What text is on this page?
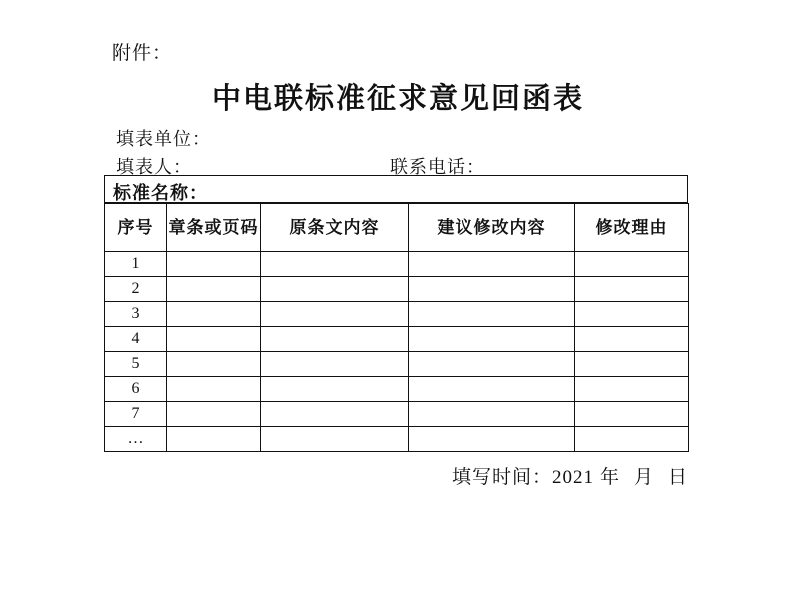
附件：
中电联标准征求意见回函表
填表单位：
填表人：	联系电话：
标准名称：
序号	章条或页码	原条文内容	建议修改内容	修改理由
1				
2				
3				
4				
5				
6				
7				
…				
填写时间：2021 年 月 日
